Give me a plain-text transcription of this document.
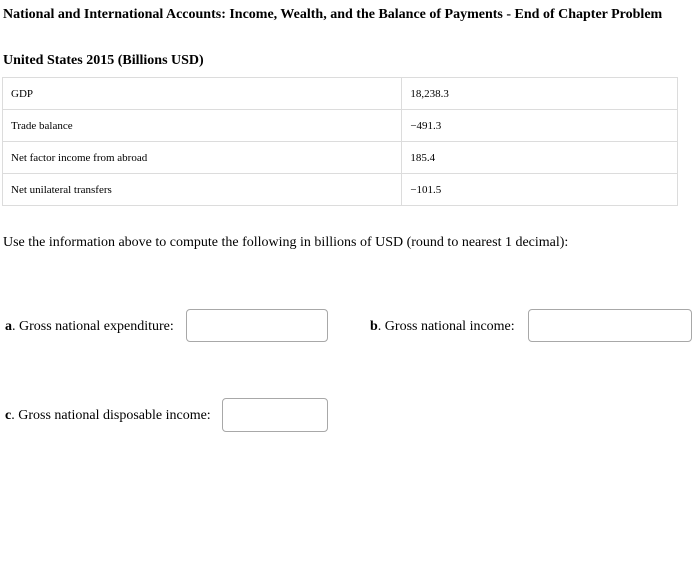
National and International Accounts: Income, Wealth, and the Balance of Payments - End of Chapter Problem
United States 2015 (Billions USD)
GDP	18,238.3
Trade balance	−491.3
Net factor income from abroad	185.4
Net unilateral transfers	−101.5
Use the information above to compute the following in billions of USD (round to nearest 1 decimal):
a. Gross national expenditure:	b. Gross national income:
c. Gross national disposable income:
